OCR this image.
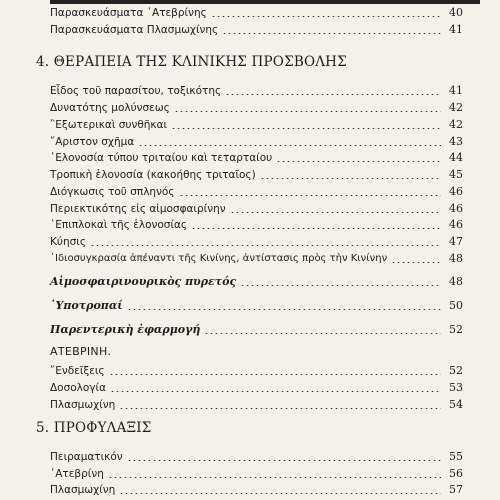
Παρασκευάσματα ᾽Ατεβρίνης	40
Παρασκευάσματα Πλασμωχίνης	41
4. ΘΕΡΑΠΕΙΑ ΤΗΣ ΚΛΙΝΙΚΗΣ ΠΡΟΣΒΟΛΗΣ
Εἶδος τοῦ παρασίτου, τοξικότης	41
Δυνατότης μολύνσεως	42
῍Εξωτερικαὶ συνθῆκαι	42
῎Αριστον σχῆμα	43
῾Ελονοσία τύπου τριταίου καὶ τεταρταίου	44
Τροπικὴ ἑλονοσία (κακοήθης τριταῖος)	45
Διόγκωσις τοῦ σπληνός	46
Περιεκτικότης εἰς αἱμοσφαιρίνην	46
῾Επιπλοκαὶ τῆς ἑλονοσίας	46
Κύησις	47
᾽Ιδιοσυγκρασία ἀπέναντι τῆς Κινίνης, ἀντίστασις πρὸς τὴν Κινίνην	48
Αἱμοσφαιρινουρικὸς πυρετός	48
῾Υποτροπαί	50
Παρεντερικὴ ἐφαρμογή	52
ΑΤΕΒΡΙΝΗ.
῎Ενδεῖξεις	52
Δοσολογία	53
Πλασμωχίνη	54
5. ΠΡΟΦΥΛΑΞΙΣ
Πειραματικόν	55
᾽Ατεβρίνη	56
Πλασμωχίνη	57
